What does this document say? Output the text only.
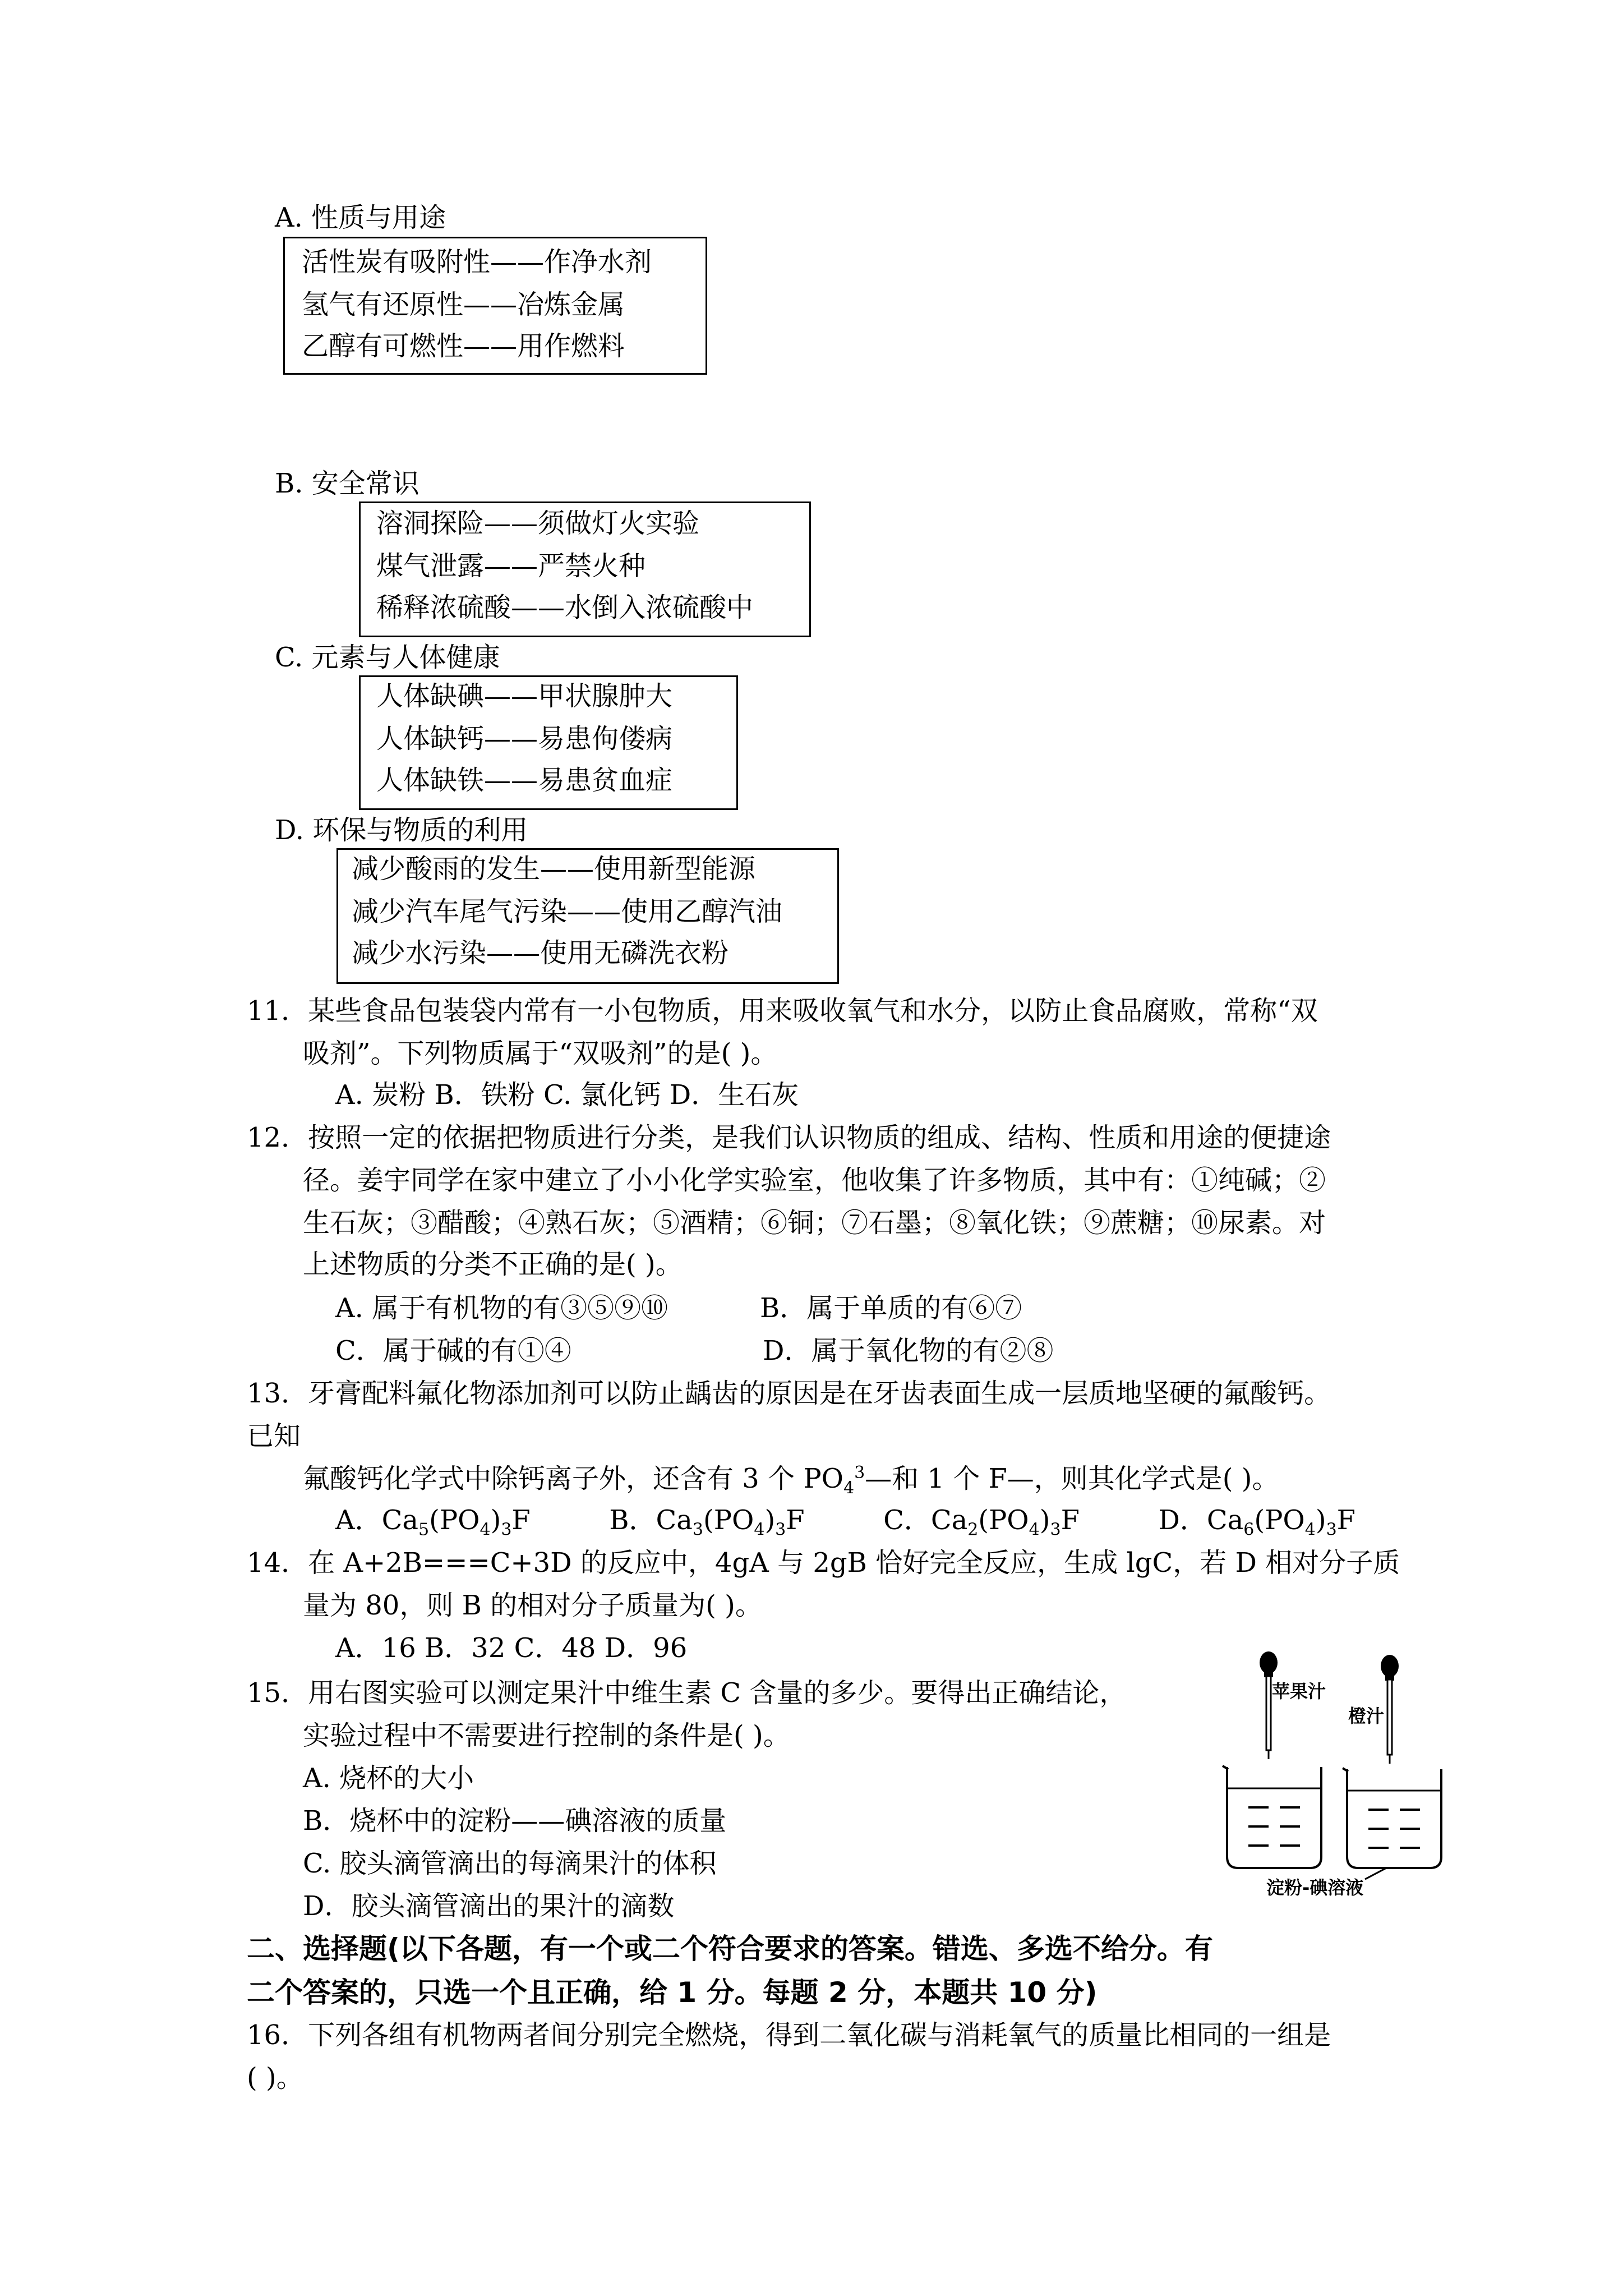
A. 性质与用途
活性炭有吸附性——作净水剂
氢气有还原性——冶炼金属
乙醇有可燃性——用作燃料
B. 安全常识
溶洞探险——须做灯火实验
煤气泄露——严禁火种
稀释浓硫酸——水倒入浓硫酸中
C. 元素与人体健康
人体缺碘——甲状腺肿大
人体缺钙——易患佝偻病
人体缺铁——易患贫血症
D. 环保与物质的利用
减少酸雨的发生——使用新型能源
减少汽车尾气污染——使用乙醇汽油
减少水污染——使用无磷洗衣粉
11．某些食品包装袋内常有一小包物质，用来吸收氧气和水分，以防止食品腐败，常称“双
吸剂”。下列物质属于“双吸剂”的是( )。
A. 炭粉 B．铁粉 C. 氯化钙 D．生石灰
12．按照一定的依据把物质进行分类，是我们认识物质的组成、结构、性质和用途的便捷途
径。姜宇同学在家中建立了小小化学实验室，他收集了许多物质，其中有：①纯碱；②
生石灰；③醋酸；④熟石灰；⑤酒精；⑥铜；⑦石墨；⑧氧化铁；⑨蔗糖；⑩尿素。对
上述物质的分类不正确的是( )。
A. 属于有机物的有③⑤⑨⑩	B．属于单质的有⑥⑦
C．属于碱的有①④	D．属于氧化物的有②⑧
13．牙膏配料氟化物添加剂可以防止龋齿的原因是在牙齿表面生成一层质地坚硬的氟酸钙。
已知
氟酸钙化学式中除钙离子外，还含有 3 个 $PO_4^3—$和 1 个 F—，则其化学式是( )。
A．$Ca_5(PO_4)_3F$	B．$Ca_3(PO_4)_3F$	C．$Ca_2(PO_4)_3F$	D．$Ca_6(PO_4)_3F$
14．在 A+2B===C+3D 的反应中，4gA 与 2gB 恰好完全反应，生成 lgC，若 D 相对分子质
量为 80，则 B 的相对分子质量为( )。
A．16 B．32 C．48 D．96
15．用右图实验可以测定果汁中维生素 C 含量的多少。要得出正确结论，
实验过程中不需要进行控制的条件是( )。
A. 烧杯的大小
B．烧杯中的淀粉——碘溶液的质量
C. 胶头滴管滴出的每滴果汁的体积
D．胶头滴管滴出的果汁的滴数
苹果汁
橙汁
淀粉-碘溶液
二、选择题(以下各题，有一个或二个符合要求的答案。错选、多选不给分。有
二个答案的，只选一个且正确，给 1 分。每题 2 分，本题共 10 分)
16．下列各组有机物两者间分别完全燃烧，得到二氧化碳与消耗氧气的质量比相同的一组是
( )。
